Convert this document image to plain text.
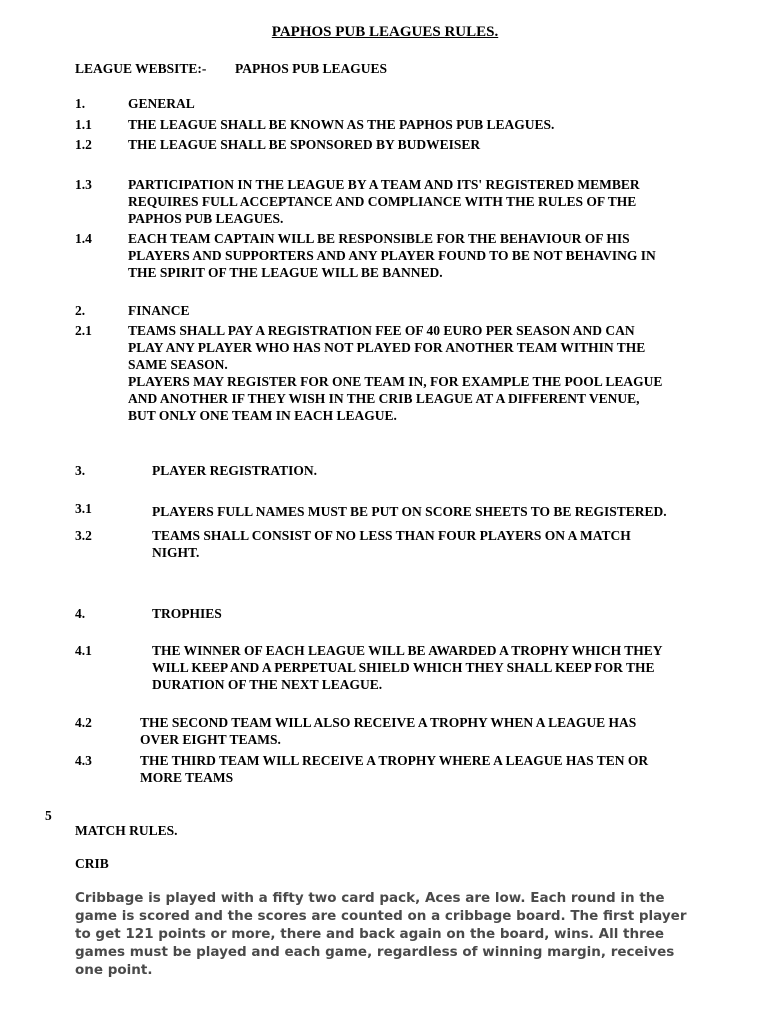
PAPHOS PUB LEAGUES RULES.
LEAGUE WEBSITE:- PAPHOS PUB LEAGUES
1.	GENERAL
1.1	THE LEAGUE SHALL BE KNOWN AS THE PAPHOS PUB LEAGUES.
1.2	THE LEAGUE SHALL BE SPONSORED BY BUDWEISER
1.3	PARTICIPATION IN THE LEAGUE BY A TEAM AND ITS' REGISTERED MEMBER
REQUIRES FULL ACCEPTANCE AND COMPLIANCE WITH THE RULES OF THE
PAPHOS PUB LEAGUES.
1.4	EACH TEAM CAPTAIN WILL BE RESPONSIBLE FOR THE BEHAVIOUR OF HIS
PLAYERS AND SUPPORTERS AND ANY PLAYER FOUND TO BE NOT BEHAVING IN
THE SPIRIT OF THE LEAGUE WILL BE BANNED.
2.	FINANCE
2.1	TEAMS SHALL PAY A REGISTRATION FEE OF 40 EURO PER SEASON AND CAN
PLAY ANY PLAYER WHO HAS NOT PLAYED FOR ANOTHER TEAM WITHIN THE
SAME SEASON.
PLAYERS MAY REGISTER FOR ONE TEAM IN, FOR EXAMPLE THE POOL LEAGUE
AND ANOTHER IF THEY WISH IN THE CRIB LEAGUE AT A DIFFERENT VENUE,
BUT ONLY ONE TEAM IN EACH LEAGUE.
3.	PLAYER REGISTRATION.
3.1	PLAYERS FULL NAMES MUST BE PUT ON SCORE SHEETS TO BE REGISTERED.
3.2	TEAMS SHALL CONSIST OF NO LESS THAN FOUR PLAYERS ON A MATCH
NIGHT.
4.	TROPHIES
4.1	THE WINNER OF EACH LEAGUE WILL BE AWARDED A TROPHY WHICH THEY
WILL KEEP AND A PERPETUAL SHIELD WHICH THEY SHALL KEEP FOR THE
DURATION OF THE NEXT LEAGUE.
4.2	THE SECOND TEAM WILL ALSO RECEIVE A TROPHY WHEN A LEAGUE HAS
OVER EIGHT TEAMS.
4.3	THE THIRD TEAM WILL RECEIVE A TROPHY WHERE A LEAGUE HAS TEN OR
MORE TEAMS
5
MATCH RULES.
CRIB
Cribbage is played with a fifty two card pack, Aces are low. Each round in the
game is scored and the scores are counted on a cribbage board. The first player
to get 121 points or more, there and back again on the board, wins. All three
games must be played and each game, regardless of winning margin, receives
one point.
